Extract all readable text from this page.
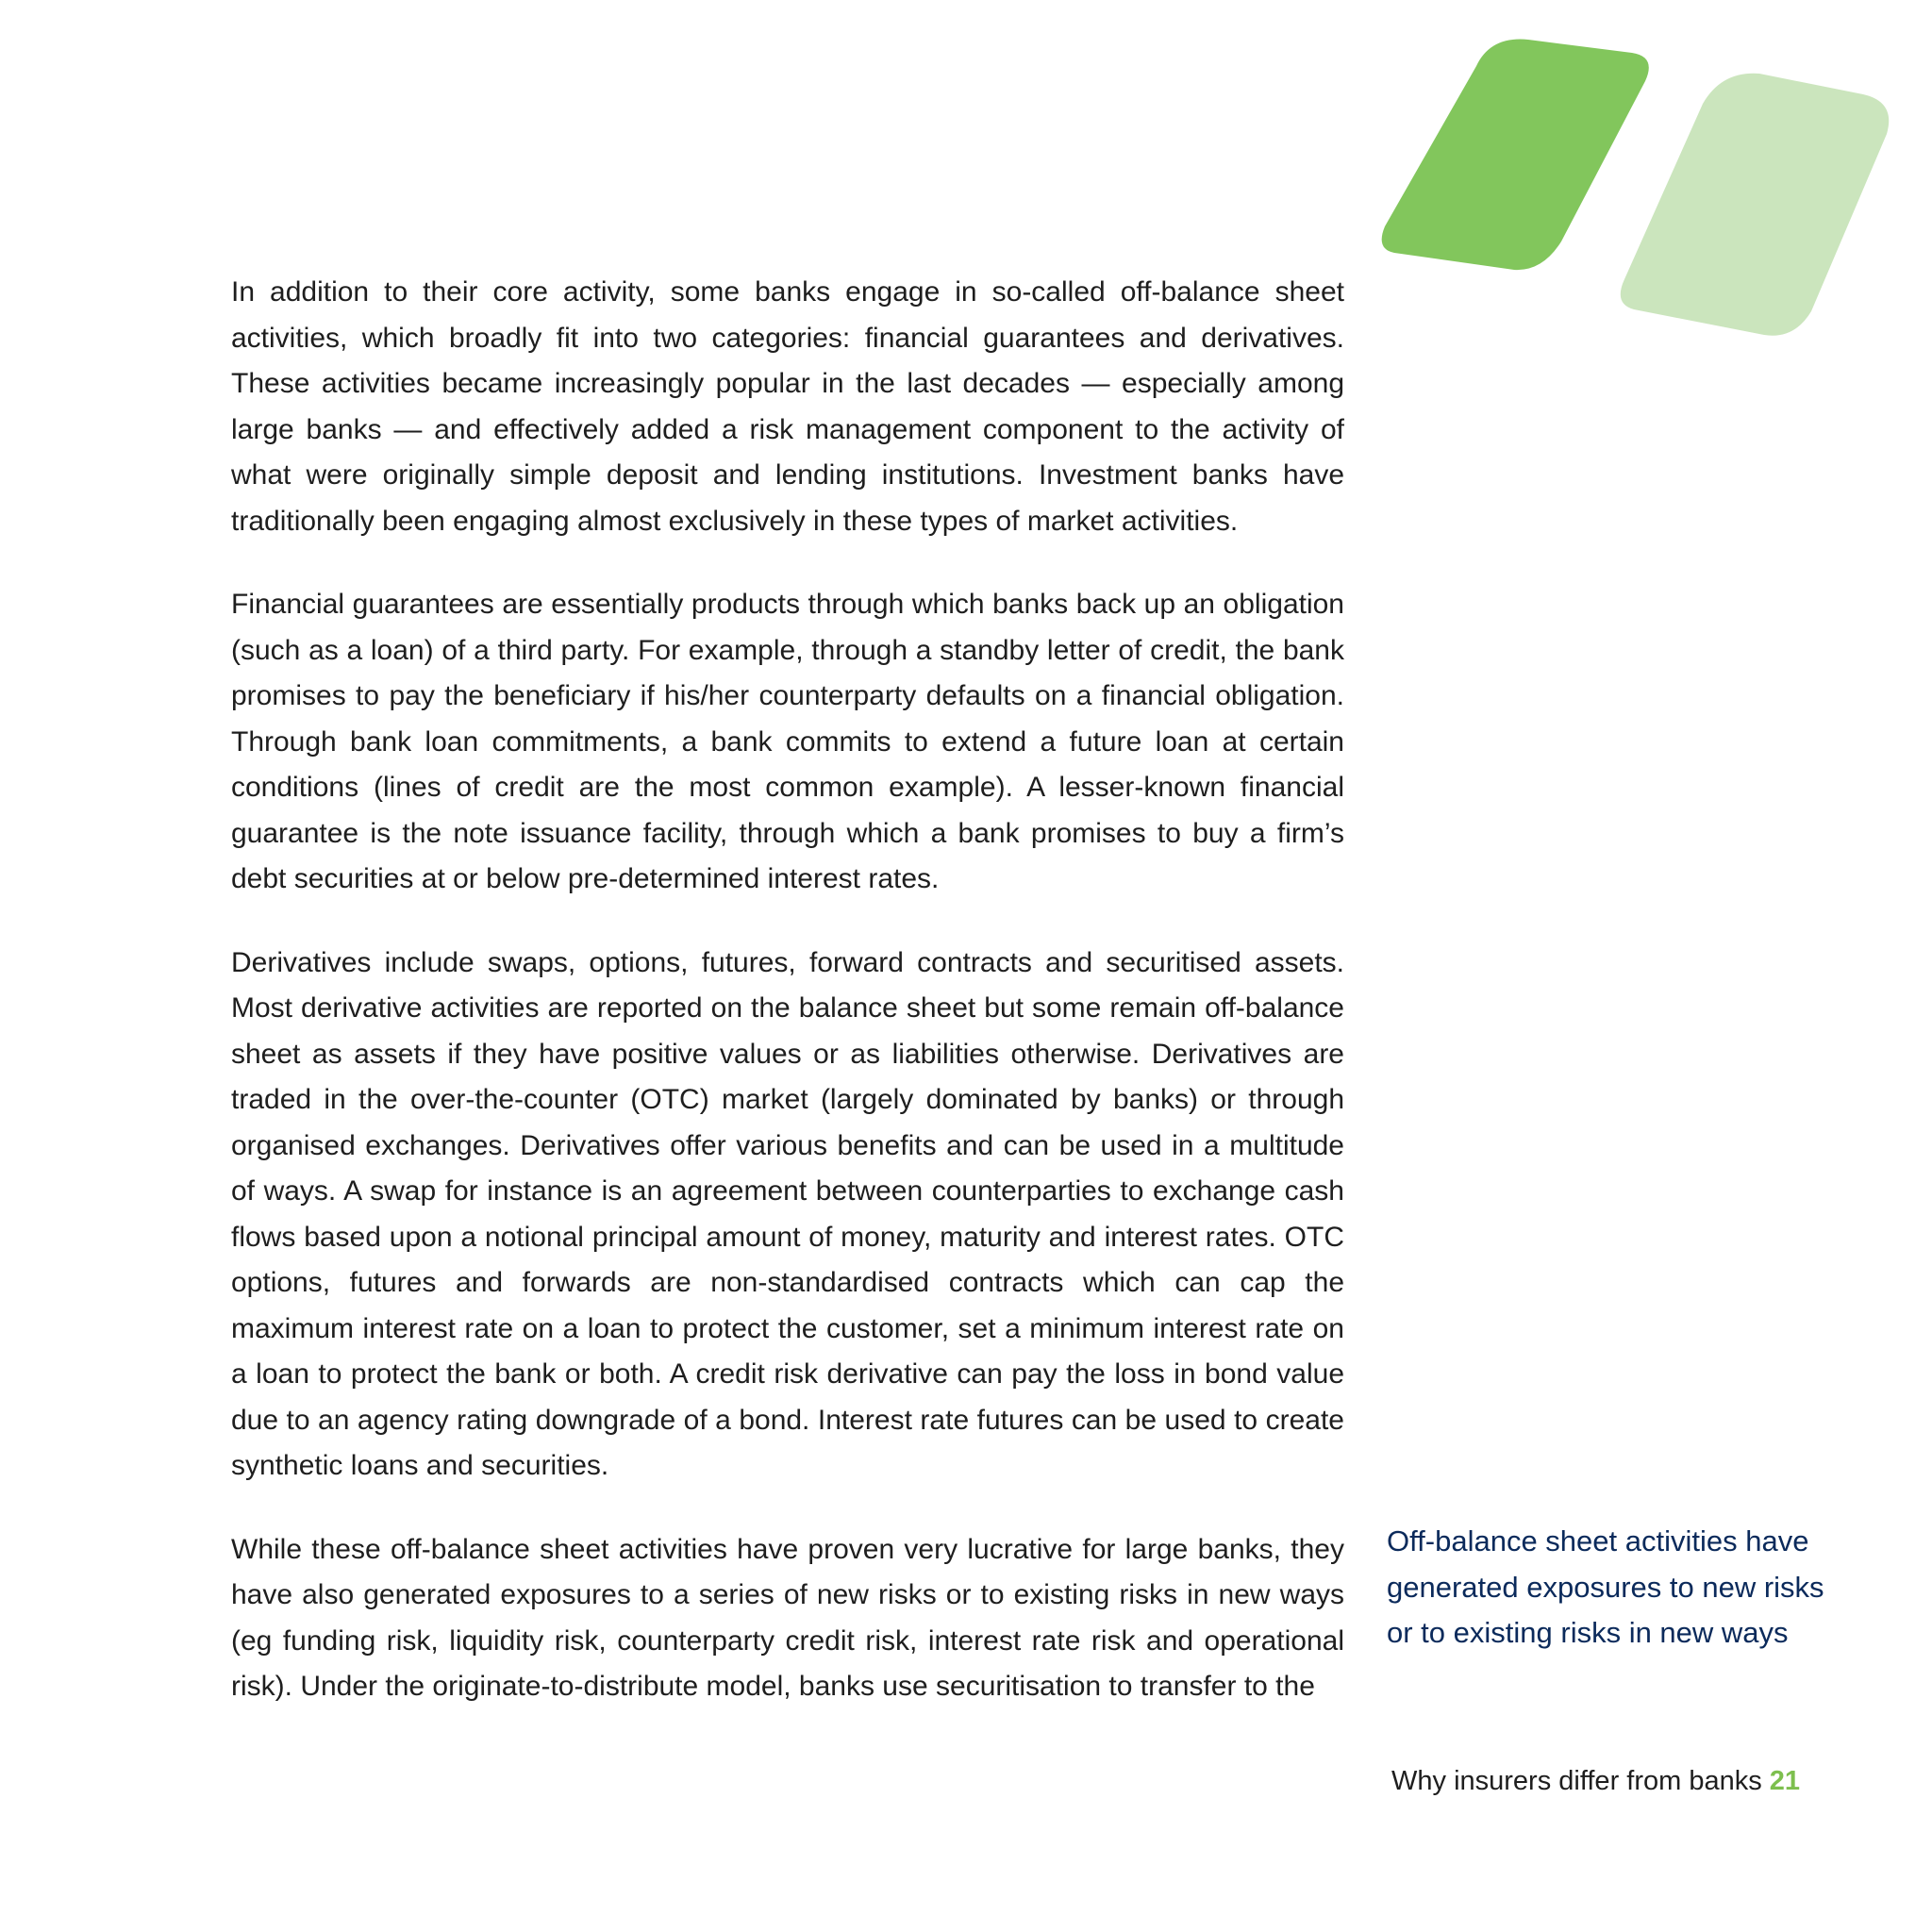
In addition to their core activity, some banks engage in so-called off-balance sheet activities, which broadly fit into two categories: financial guarantees and derivatives. These activities became increasingly popular in the last decades — especially among large banks — and effectively added a risk management component to the activity of what were originally simple deposit and lending institutions. Investment banks have traditionally been engaging almost exclusively in these types of market activities.

Financial guarantees are essentially products through which banks back up an obligation (such as a loan) of a third party. For example, through a standby letter of credit, the bank promises to pay the beneficiary if his/her counterparty defaults on a financial obligation. Through bank loan commitments, a bank commits to extend a future loan at certain conditions (lines of credit are the most common example). A lesser-known financial guarantee is the note issuance facility, through which a bank promises to buy a firm’s debt securities at or below pre-determined interest rates.

Derivatives include swaps, options, futures, forward contracts and securitised assets. Most derivative activities are reported on the balance sheet but some remain off-balance sheet as assets if they have positive values or as liabilities otherwise. Derivatives are traded in the over-the-counter (OTC) market (largely dominated by banks) or through organised exchanges. Derivatives offer various benefits and can be used in a multitude of ways. A swap for instance is an agreement between counterparties to exchange cash flows based upon a notional principal amount of money, maturity and interest rates. OTC options, futures and forwards are non-standardised contracts which can cap the maximum interest rate on a loan to protect the customer, set a minimum interest rate on a loan to protect the bank or both. A credit risk derivative can pay the loss in bond value due to an agency rating downgrade of a bond. Interest rate futures can be used to create synthetic loans and securities.

While these off-balance sheet activities have proven very lucrative for large banks, they have also generated exposures to a series of new risks or to existing risks in new ways (eg funding risk, liquidity risk, counterparty credit risk, interest rate risk and operational risk). Under the originate-to-distribute model, banks use securitisation to transfer to the

Off-balance sheet activities have generated exposures to new risks or to existing risks in new ways

Why insurers differ from banks 21
